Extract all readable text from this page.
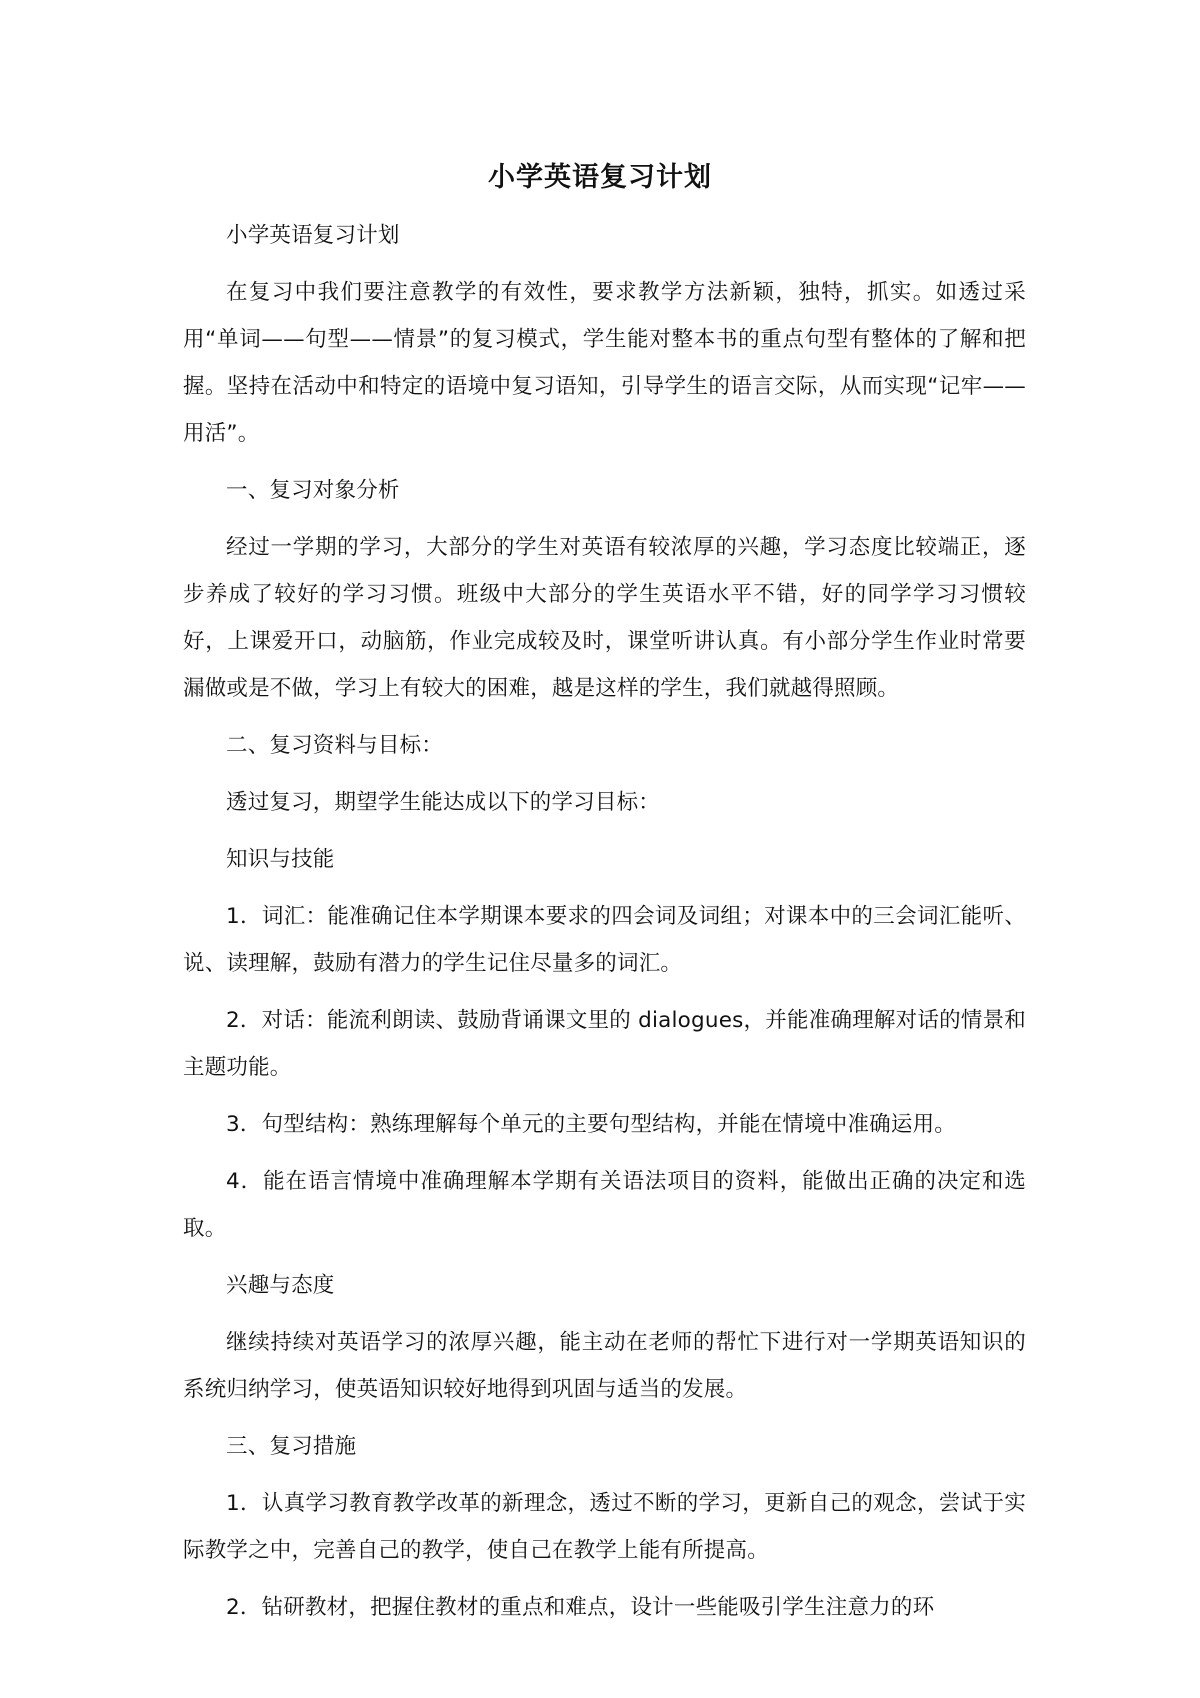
小学英语复习计划

小学英语复习计划

在复习中我们要注意教学的有效性，要求教学方法新颖，独特，抓实。如透过采用“单词——句型——情景”的复习模式，学生能对整本书的重点句型有整体的了解和把握。坚持在活动中和特定的语境中复习语知，引导学生的语言交际，从而实现“记牢——用活”。

一、复习对象分析

经过一学期的学习，大部分的学生对英语有较浓厚的兴趣，学习态度比较端正，逐步养成了较好的学习习惯。班级中大部分的学生英语水平不错，好的同学学习习惯较好，上课爱开口，动脑筋，作业完成较及时，课堂听讲认真。有小部分学生作业时常要漏做或是不做，学习上有较大的困难，越是这样的学生，我们就越得照顾。

二、复习资料与目标：

透过复习，期望学生能达成以下的学习目标：

知识与技能

1．词汇：能准确记住本学期课本要求的四会词及词组；对课本中的三会词汇能听、说、读理解，鼓励有潜力的学生记住尽量多的词汇。

2．对话：能流利朗读、鼓励背诵课文里的 dialogues，并能准确理解对话的情景和主题功能。

3．句型结构：熟练理解每个单元的主要句型结构，并能在情境中准确运用。

4．能在语言情境中准确理解本学期有关语法项目的资料，能做出正确的决定和选取。

兴趣与态度

继续持续对英语学习的浓厚兴趣，能主动在老师的帮忙下进行对一学期英语知识的系统归纳学习，使英语知识较好地得到巩固与适当的发展。

三、复习措施

1．认真学习教育教学改革的新理念，透过不断的学习，更新自己的观念，尝试于实际教学之中，完善自己的教学，使自己在教学上能有所提高。

2．钻研教材，把握住教材的重点和难点，设计一些能吸引学生注意力的环
